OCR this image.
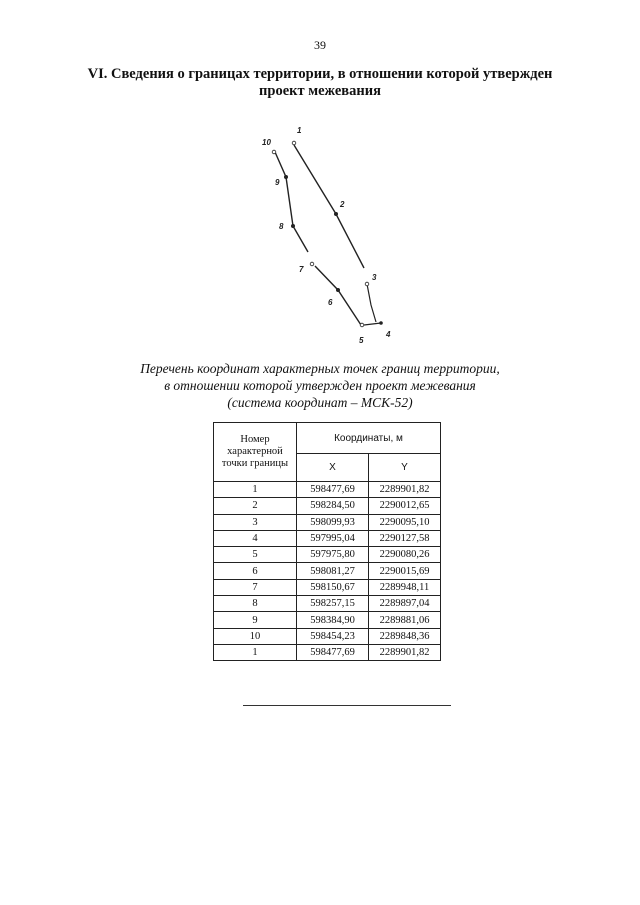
39
VI. Сведения о границах территории, в отношении которой утвержден
проект межевания
1
2
3
4
5
6
7
8
9
10
Перечень координат характерных точек границ территории,
в отношении которой утвержден проект межевания
(система координат – МСК-52)
Номер характерной точки границы	Координаты, м	
	X	Y
1	598477,69	2289901,82
2	598284,50	2290012,65
3	598099,93	2290095,10
4	597995,04	2290127,58
5	597975,80	2290080,26
6	598081,27	2290015,69
7	598150,67	2289948,11
8	598257,15	2289897,04
9	598384,90	2289881,06
10	598454,23	2289848,36
1	598477,69	2289901,82
